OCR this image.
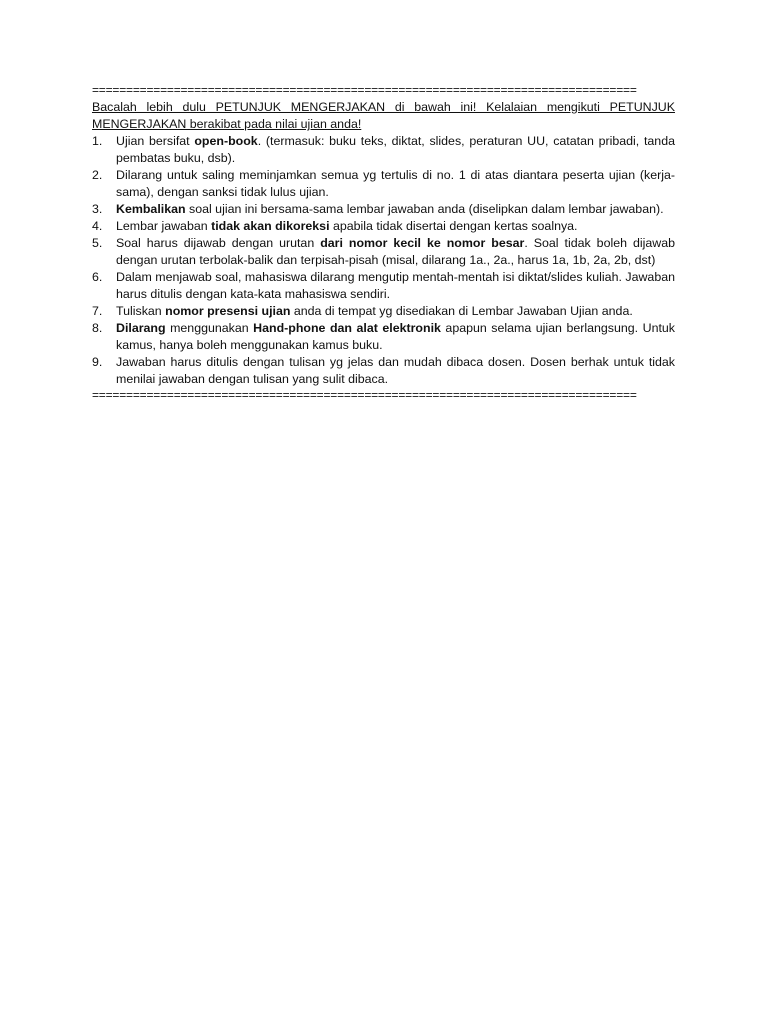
================================================================================

Bacalah lebih dulu PETUNJUK MENGERJAKAN di bawah ini! Kelalaian mengikuti PETUNJUK MENGERJAKAN berakibat pada nilai ujian anda!

1.	Ujian bersifat open-book. (termasuk: buku teks, diktat, slides, peraturan UU, catatan pribadi, tanda pembatas buku, dsb).
2.	Dilarang untuk saling meminjamkan semua yg tertulis di no. 1 di atas diantara peserta ujian (kerja-sama), dengan sanksi tidak lulus ujian.
3.	Kembalikan soal ujian ini bersama-sama lembar jawaban anda (diselipkan dalam lembar jawaban).
4.	Lembar jawaban tidak akan dikoreksi apabila tidak disertai dengan kertas soalnya.
5.	Soal harus dijawab dengan urutan dari nomor kecil ke nomor besar. Soal tidak boleh dijawab dengan urutan terbolak-balik dan terpisah-pisah (misal, dilarang 1a., 2a., harus 1a, 1b, 2a, 2b, dst)
6.	Dalam menjawab soal, mahasiswa dilarang mengutip mentah-mentah isi diktat/slides kuliah. Jawaban harus ditulis dengan kata-kata mahasiswa sendiri.
7.	Tuliskan nomor presensi ujian anda di tempat yg disediakan di Lembar Jawaban Ujian anda.
8.	Dilarang menggunakan Hand-phone dan alat elektronik apapun selama ujian berlangsung. Untuk kamus, hanya boleh menggunakan kamus buku.
9.	Jawaban harus ditulis dengan tulisan yg jelas dan mudah dibaca dosen. Dosen berhak untuk tidak menilai jawaban dengan tulisan yang sulit dibaca.
================================================================================
